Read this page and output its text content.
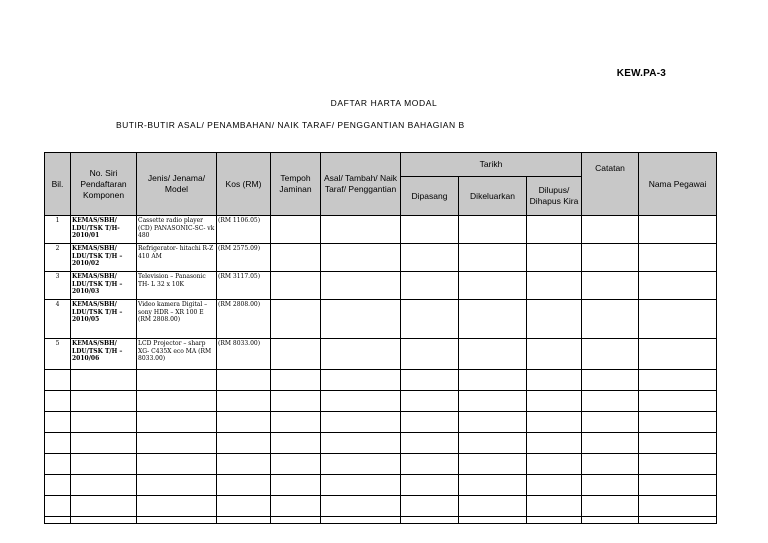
KEW.PA-3
DAFTAR HARTA MODAL
BUTIR-BUTIR ASAL/ PENAMBAHAN/ NAIK TARAF/ PENGGANTIAN BAHAGIAN B
Bil.	No. Siri Pendaftaran Komponen	Jenis/ Jenama/ Model	Kos (RM)	Tempoh Jaminan	Asal/ Tambah/ Naik Taraf/ Penggantian	Tarikh			Catatan	Nama Pegawai
						Dipasang	Dikeluarkan	Dilupus/ Dihapus Kira		
1	KEMAS/SBH/ LDU/TSK T/H-2010/01	Cassette radio player (CD) PANASONIC-SC- vk 480	(RM 1106.05)							
2	KEMAS/SBH/ LDU/TSK T/H – 2010/02	Refrigerator- hitachi R-Z 410 AM	(RM 2575.09)							
3	KEMAS/SBH/ LDU/TSK T/H – 2010/03	Television – Panasonic TH- L 32 x 10K	(RM 3117.05)							
4	KEMAS/SBH/ LDU/TSK T/H – 2010/05	Video kamera Digital – sony HDR – XR 100 E (RM 2808.00)	(RM 2808.00)							
5	KEMAS/SBH/ LDU/TSK T/H – 2010/06	LCD Projector – sharp XG- C435X eco MA (RM 8033.00)	(RM 8033.00)							
